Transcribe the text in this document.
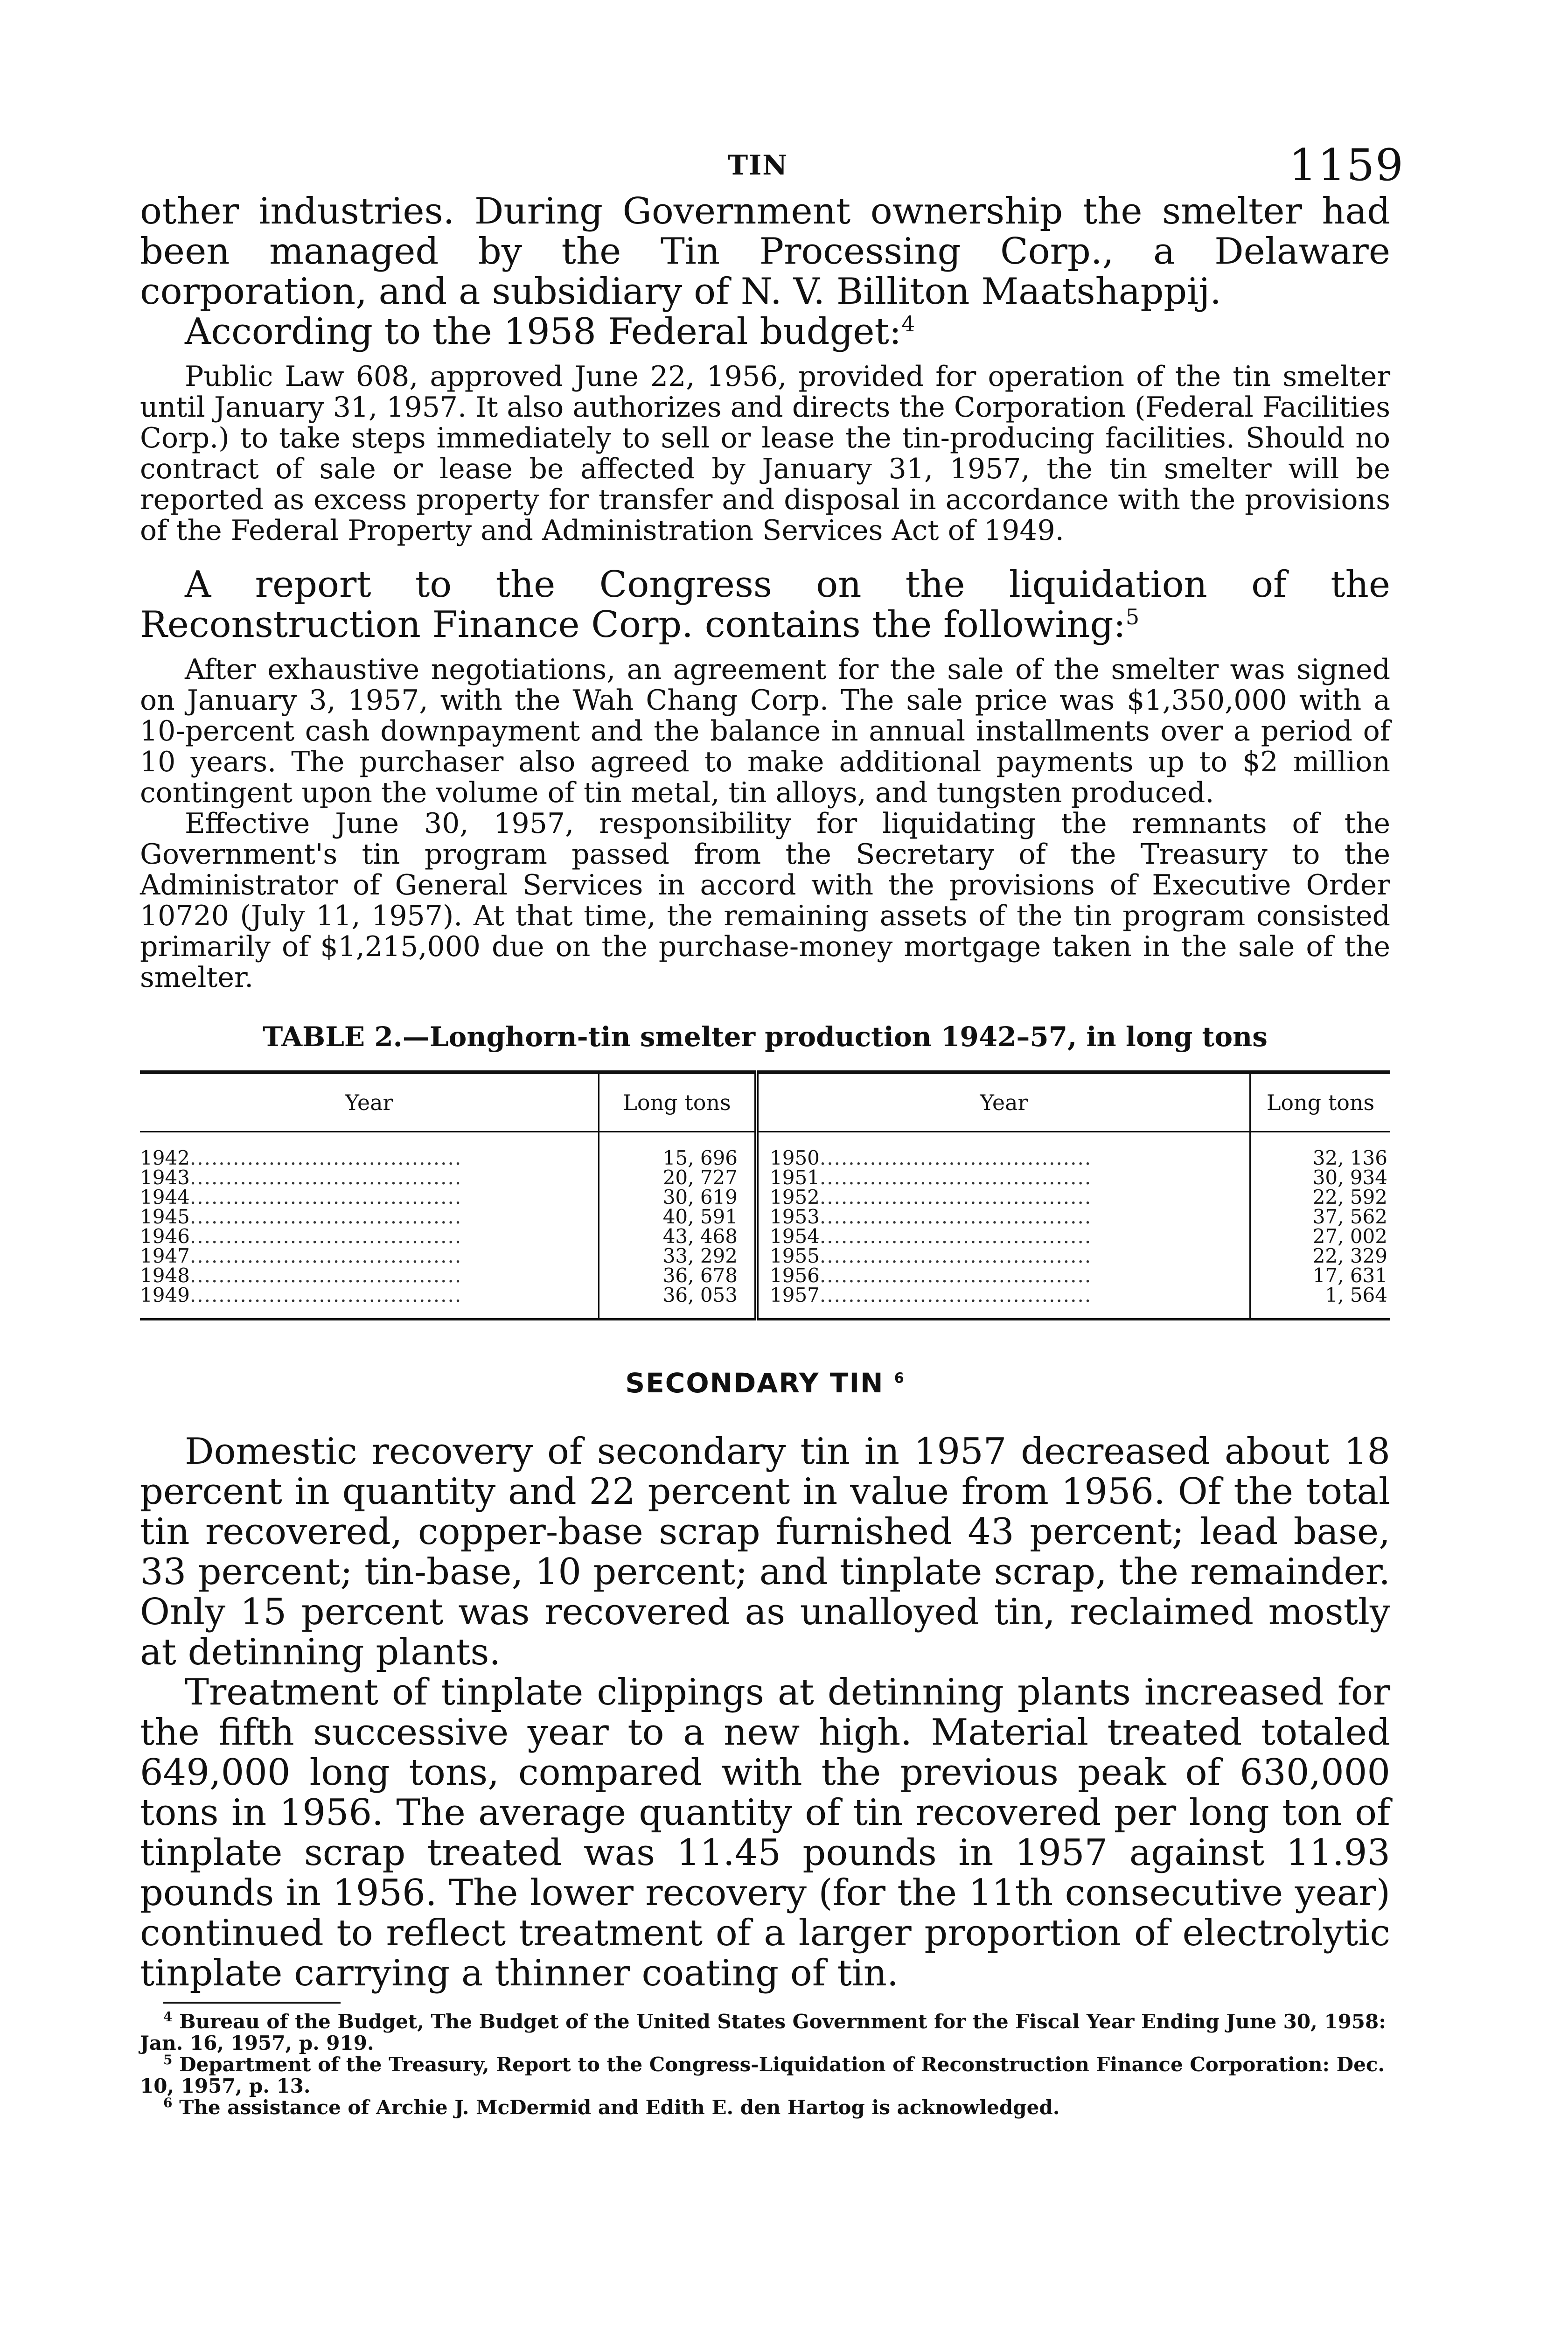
TIN	1159

other industries. During Government ownership the smelter had been managed by the Tin Processing Corp., a Delaware corporation, and a subsidiary of N. V. Billiton Maatshappij.

According to the 1958 Federal budget:$^4$

Public Law 608, approved June 22, 1956, provided for operation of the tin smelter until January 31, 1957. It also authorizes and directs the Corporation (Federal Facilities Corp.) to take steps immediately to sell or lease the tin-producing facilities. Should no contract of sale or lease be affected by January 31, 1957, the tin smelter will be reported as excess property for transfer and disposal in accordance with the provisions of the Federal Property and Administration Services Act of 1949.

A report to the Congress on the liquidation of the Reconstruction Finance Corp. contains the following:$^5$

After exhaustive negotiations, an agreement for the sale of the smelter was signed on January 3, 1957, with the Wah Chang Corp. The sale price was $1,350,000 with a 10-percent cash downpayment and the balance in annual installments over a period of 10 years. The purchaser also agreed to make additional payments up to $2 million contingent upon the volume of tin metal, tin alloys, and tungsten produced.

Effective June 30, 1957, responsibility for liquidating the remnants of the Government's tin program passed from the Secretary of the Treasury to the Administrator of General Services in accord with the provisions of Executive Order 10720 (July 11, 1957). At that time, the remaining assets of the tin program consisted primarily of $1,215,000 due on the purchase-money mortgage taken in the sale of the smelter.

TABLE 2.—Longhorn-tin smelter production 1942–57, in long tons
Year	Long tons	Year	Long tons
1942......................................	15, 696	1950......................................	32, 136
1943......................................	20, 727	1951......................................	30, 934
1944......................................	30, 619	1952......................................	22, 592
1945......................................	40, 591	1953......................................	37, 562
1946......................................	43, 468	1954......................................	27, 002
1947......................................	33, 292	1955......................................	22, 329
1948......................................	36, 678	1956......................................	17, 631
1949......................................	36, 053	1957......................................	1, 564
SECONDARY TIN $^6$

Domestic recovery of secondary tin in 1957 decreased about 18 percent in quantity and 22 percent in value from 1956. Of the total tin recovered, copper-base scrap furnished 43 percent; lead base, 33 percent; tin-base, 10 percent; and tinplate scrap, the remainder. Only 15 percent was recovered as unalloyed tin, reclaimed mostly at detinning plants.

Treatment of tinplate clippings at detinning plants increased for the fifth successive year to a new high. Material treated totaled 649,000 long tons, compared with the previous peak of 630,000 tons in 1956. The average quantity of tin recovered per long ton of tinplate scrap treated was 11.45 pounds in 1957 against 11.93 pounds in 1956. The lower recovery (for the 11th consecutive year) continued to reflect treatment of a larger proportion of electrolytic tinplate carrying a thinner coating of tin.

$^4$ Bureau of the Budget, The Budget of the United States Government for the Fiscal Year Ending June 30, 1958: Jan. 16, 1957, p. 919.

$^5$ Department of the Treasury, Report to the Congress-Liquidation of Reconstruction Finance Corporation: Dec. 10, 1957, p. 13.

$^6$ The assistance of Archie J. McDermid and Edith E. den Hartog is acknowledged.
